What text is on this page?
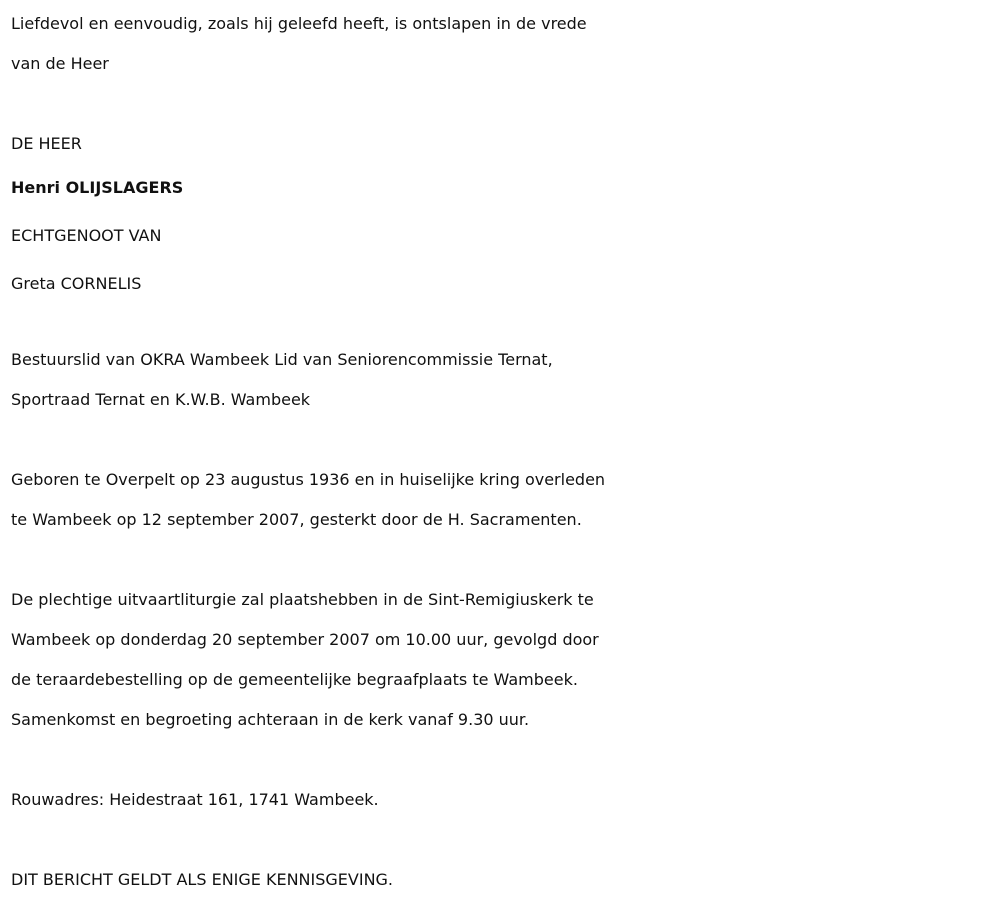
Liefdevol en eenvoudig, zoals hij geleefd heeft, is ontslapen in de vrede
van de Heer
DE HEER
Henri OLIJSLAGERS
ECHTGENOOT VAN
Greta CORNELIS
Bestuurslid van OKRA Wambeek Lid van Seniorencommissie Ternat,
Sportraad Ternat en K.W.B. Wambeek
Geboren te Overpelt op 23 augustus 1936 en in huiselijke kring overleden
te Wambeek op 12 september 2007, gesterkt door de H. Sacramenten.
De plechtige uitvaartliturgie zal plaatshebben in de Sint-Remigiuskerk te
Wambeek op donderdag 20 september 2007 om 10.00 uur, gevolgd door
de teraardebestelling op de gemeentelijke begraafplaats te Wambeek.
Samenkomst en begroeting achteraan in de kerk vanaf 9.30 uur.
Rouwadres: Heidestraat 161, 1741 Wambeek.
DIT BERICHT GELDT ALS ENIGE KENNISGEVING.
